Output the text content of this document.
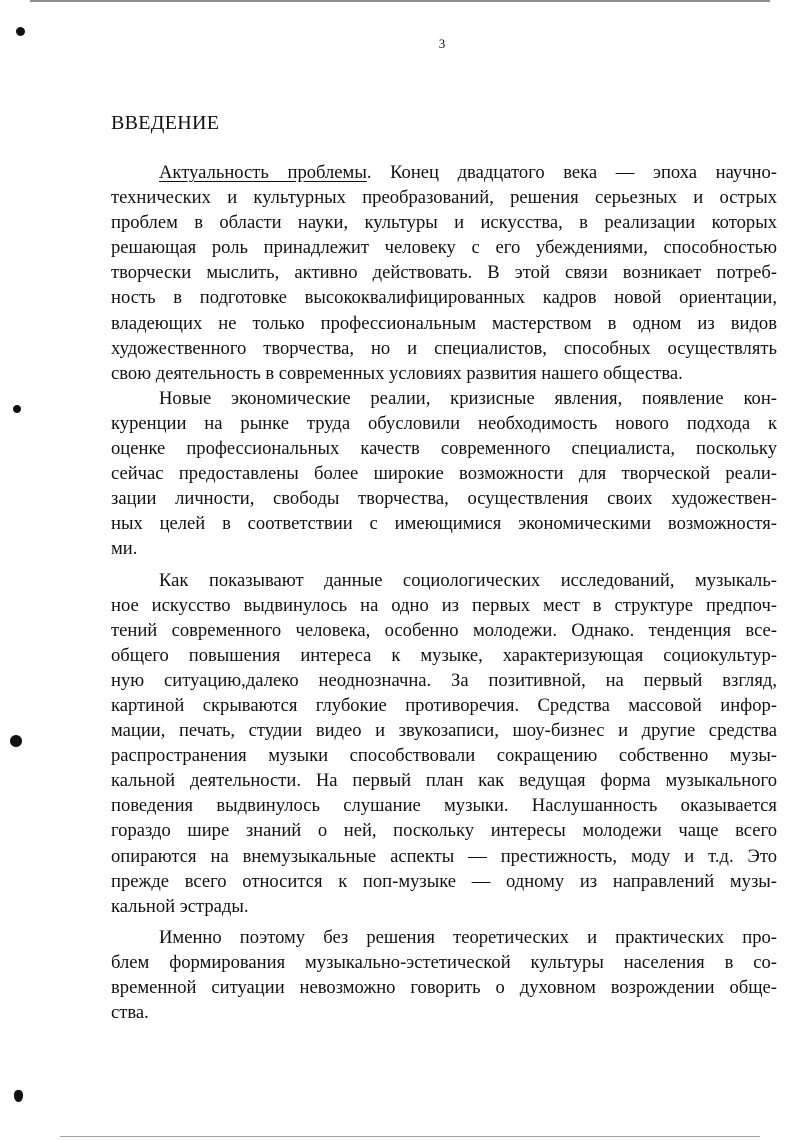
3
ВВЕДЕНИЕ
Актуальность проблемы. Конец двадцатого века — эпоха научно-
технических и культурных преобразований, решения серьезных и острых
проблем в области науки, культуры и искусства, в реализации которых
решающая роль принадлежит человеку с его убеждениями, способностью
творчески мыслить, активно действовать. В этой связи возникает потреб-
ность в подготовке высококвалифицированных кадров новой ориентации,
владеющих не только профессиональным мастерством в одном из видов
художественного творчества, но и специалистов, способных осуществлять
свою деятельность в современных условиях развития нашего общества.
Новые экономические реалии, кризисные явления, появление кон-
куренции на рынке труда обусловили необходимость нового подхода к
оценке профессиональных качеств современного специалиста, поскольку
сейчас предоставлены более широкие возможности для творческой реали-
зации личности, свободы творчества, осуществления своих художествен-
ных целей в соответствии с имеющимися экономическими возможностя-
ми.
Как показывают данные социологических исследований, музыкаль-
ное искусство выдвинулось на одно из первых мест в структуре предпоч-
тений современного человека, особенно молодежи. Однако. тенденция все-
общего повышения интереса к музыке, характеризующая социокультур-
ную ситуацию,далеко неоднозначна. За позитивной, на первый взгляд,
картиной скрываются глубокие противоречия. Средства массовой инфор-
мации, печать, студии видео и звукозаписи, шоу-бизнес и другие средства
распространения музыки способствовали сокращению собственно музы-
кальной деятельности. На первый план как ведущая форма музыкального
поведения выдвинулось слушание музыки. Наслушанность оказывается
гораздо шире знаний о ней, поскольку интересы молодежи чаще всего
опираются на внемузыкальные аспекты — престижность, моду и т.д. Это
прежде всего относится к поп-музыке — одному из направлений музы-
кальной эстрады.
Именно поэтому без решения теоретических и практических про-
блем формирования музыкально-эстетической культуры населения в со-
временной ситуации невозможно говорить о духовном возрождении обще-
ства.
